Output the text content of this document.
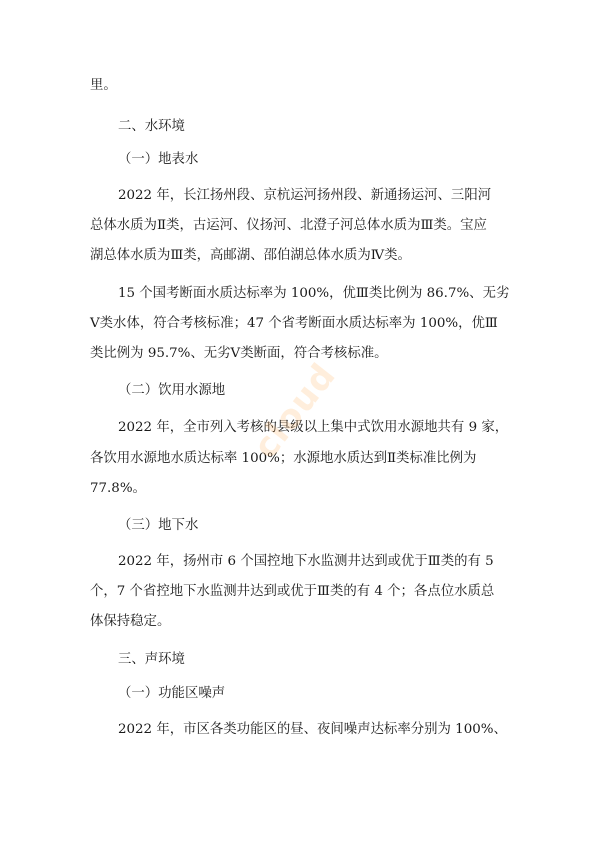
里。
二、水环境
（一）地表水
2022 年，长江扬州段、京杭运河扬州段、新通扬运河、三阳河
总体水质为Ⅱ类，古运河、仪扬河、北澄子河总体水质为Ⅲ类。宝应
湖总体水质为Ⅲ类，高邮湖、邵伯湖总体水质为Ⅳ类。
15 个国考断面水质达标率为 100%，优Ⅲ类比例为 86.7%、无劣
Ⅴ类水体，符合考核标准；47 个省考断面水质达标率为 100%，优Ⅲ
类比例为 95.7%、无劣Ⅴ类断面，符合考核标准。
（二）饮用水源地
2022 年，全市列入考核的县级以上集中式饮用水源地共有 9 家，
各饮用水源地水质达标率 100%；水源地水质达到Ⅱ类标准比例为
77.8%。
（三）地下水
2022 年，扬州市 6 个国控地下水监测井达到或优于Ⅲ类的有 5
个，7 个省控地下水监测井达到或优于Ⅲ类的有 4 个；各点位水质总
体保持稳定。
三、声环境
（一）功能区噪声
2022 年，市区各类功能区的昼、夜间噪声达标率分别为 100%、
cloud
